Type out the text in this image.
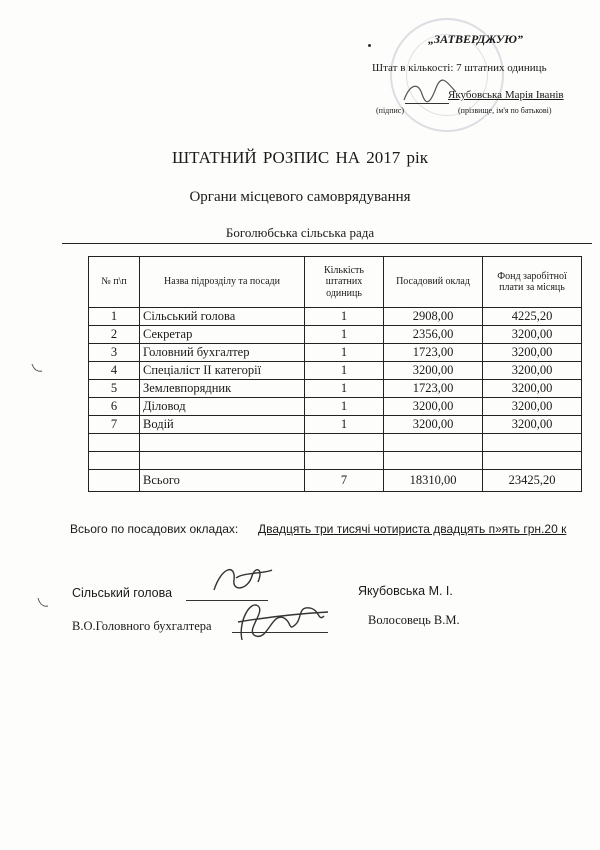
„ЗАТВЕРДЖУЮ”
Штат в кількості: 7 штатних одиниць
Якубовська Марія Іванів
(підпис)	(прізвище, ім'я по батькові)
ШТАТНИЙ РОЗПИС НА 2017 рік
Органи місцевого самоврядування
Боголюбська сільська рада
№ п\п	Назва підрозділу та посади	Кількість штатних одиниць	Посадовий оклад	Фонд заробітної плати за місяць
1	Сільський голова	1	2908,00	4225,20
2	Секретар	1	2356,00	3200,00
3	Головний бухгалтер	1	1723,00	3200,00
4	Спеціаліст ІІ категорії	1	3200,00	3200,00
5	Землевпорядник	1	1723,00	3200,00
6	Діловод	1	3200,00	3200,00
7	Водій	1	3200,00	3200,00

	Всього	7	18310,00	23425,20
Всього по посадових окладах: Двадцять три тисячі чотириста двадцять п»ять грн.20 к
Сільський голова	Якубовська М. І.
В.О.Головного бухгалтера	Волосовець В.М.
